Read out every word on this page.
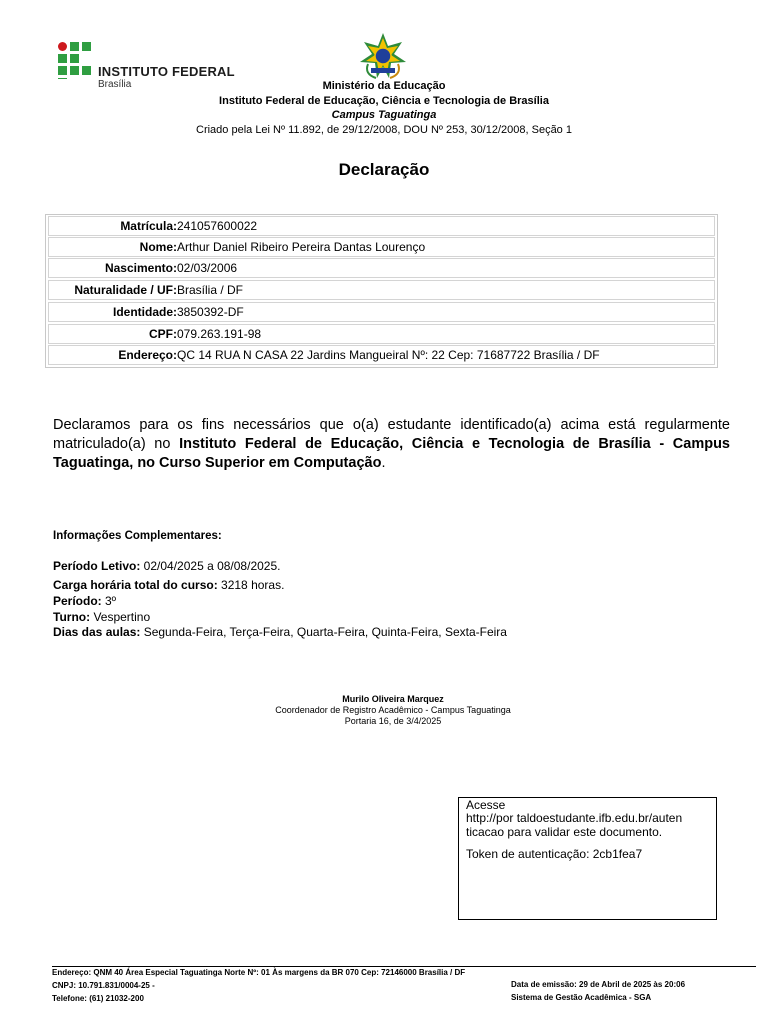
INSTITUTO FEDERAL
Brasília	Ministério da Educação
Instituto Federal de Educação, Ciência e Tecnologia de Brasília
Campus Taguatinga
Criado pela Lei Nº 11.892, de 29/12/2008, DOU Nº 253, 30/12/2008, Seção 1
Declaração
Matrícula: 241057600022
Nome: Arthur Daniel Ribeiro Pereira Dantas Lourenço
Nascimento: 02/03/2006
Naturalidade / UF: Brasília / DF
Identidade: 3850392-DF
CPF: 079.263.191-98
Endereço: QC 14 RUA N CASA 22 Jardins Mangueiral Nº: 22 Cep: 71687722 Brasília / DF
Declaramos para os fins necessários que o(a) estudante identificado(a) acima está regularmente matriculado(a) no Instituto Federal de Educação, Ciência e Tecnologia de Brasília - Campus Taguatinga, no Curso Superior em Computação.
Informações Complementares:
Período Letivo: 02/04/2025 a 08/08/2025.
Carga horária total do curso: 3218 horas.
Período: 3º
Turno: Vespertino
Dias das aulas: Segunda-Feira, Terça-Feira, Quarta-Feira, Quinta-Feira, Sexta-Feira
Murilo Oliveira Marquez
Coordenador de Registro Acadêmico - Campus Taguatinga
Portaria 16, de 3/4/2025
Acesse
http://por taldoestudante.ifb.edu.br/auten ticacao para validar este documento.
Token de autenticação: 2cb1fea7
Endereço: QNM 40 Área Especial Taguatinga Norte Nº: 01 Às margens da BR 070 Cep: 72146000 Brasília / DF
CNPJ: 10.791.831/0004-25 -
Telefone: (61) 21032-200
Data de emissão: 29 de Abril de 2025 às 20:06
Sistema de Gestão Acadêmica - SGA
